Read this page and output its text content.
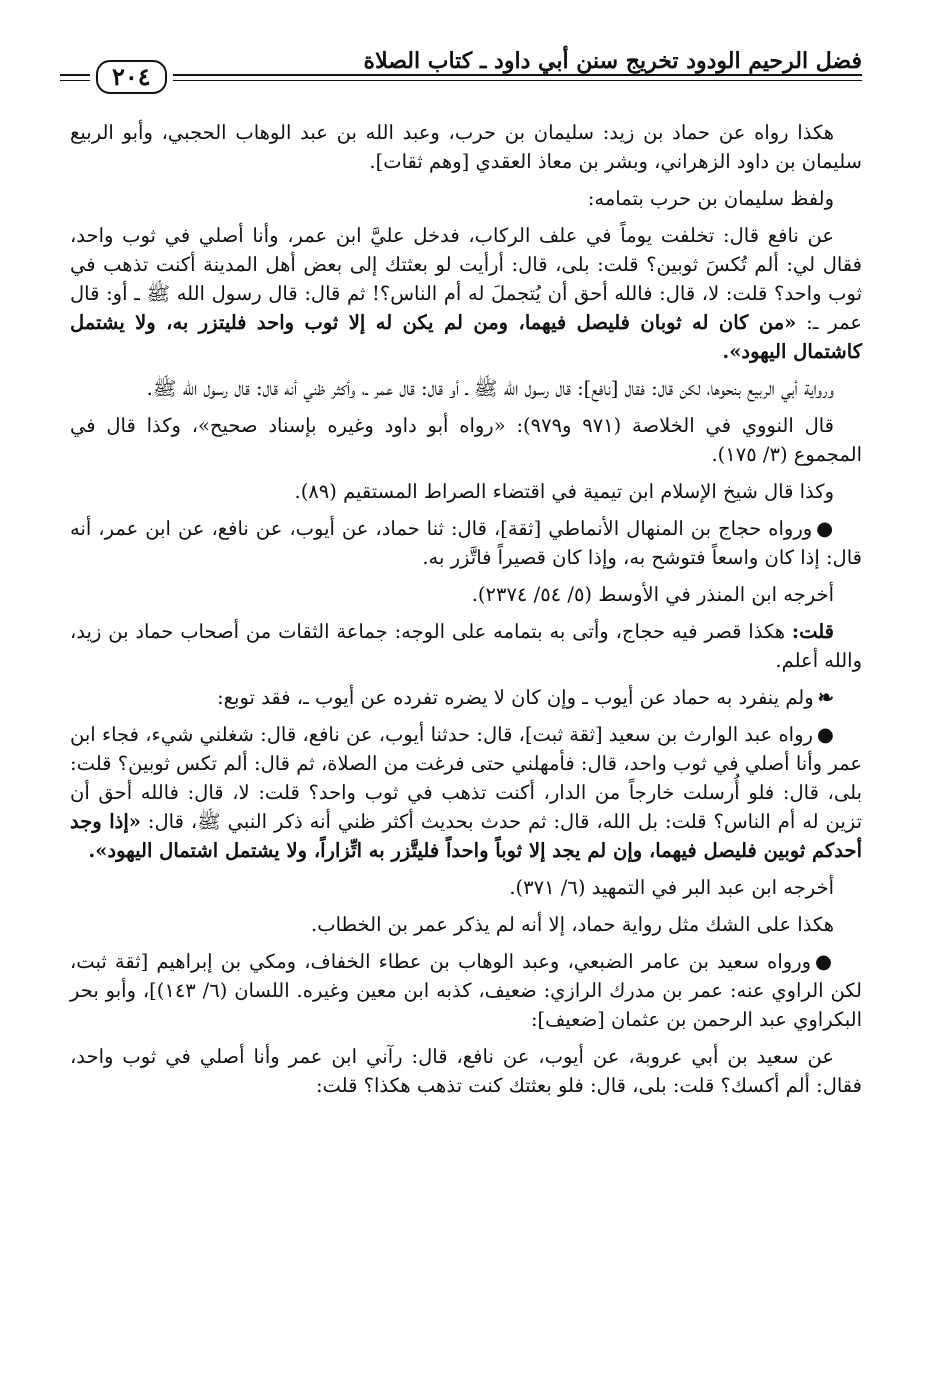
فضل الرحيم الودود تخريج سنن أبي داود ـ كتاب الصلاة
٢٠٤

هكذا رواه عن حماد بن زيد: سليمان بن حرب، وعبد الله بن عبد الوهاب الحجبي، وأبو الربيع سليمان بن داود الزهراني، وبشر بن معاذ العقدي [وهم ثقات].

ولفظ سليمان بن حرب بتمامه:

عن نافع قال: تخلفت يوماً في علف الركاب، فدخل عليَّ ابن عمر، وأنا أصلي في ثوب واحد، فقال لي: ألم تُكسَ ثوبين؟ قلت: بلى، قال: أرأيت لو بعثتك إلى بعض أهل المدينة أكنت تذهب في ثوب واحد؟ قلت: لا، قال: فالله أحق أن يُتجملَ له أم الناس؟! ثم قال: قال رسول الله ﷺ ـ أو: قال عمر ـ: «من كان له ثوبان فليصل فيهما، ومن لم يكن له إلا ثوب واحد فليتزر به، ولا يشتمل كاشتمال اليهود».

ورواية أبي الربيع بنحوها، لكن قال: فقال [نافع]: قال رسول الله ﷺ ـ أو قال: قال عمر ـ، وأكثر ظني أنه قال: قال رسول الله ﷺ.

قال النووي في الخلاصة (٩٧١ و٩٧٩): «رواه أبو داود وغيره بإسناد صحيح»، وكذا قال في المجموع (٣/ ١٧٥).

وكذا قال شيخ الإسلام ابن تيمية في اقتضاء الصراط المستقيم (٨٩).

●ورواه حجاج بن المنهال الأنماطي [ثقة]، قال: ثنا حماد، عن أيوب، عن نافع، عن ابن عمر، أنه قال: إذا كان واسعاً فتوشح به، وإذا كان قصيراً فاتَّزر به.

أخرجه ابن المنذر في الأوسط (٥/ ٥٤/ ٢٣٧٤).

قلت: هكذا قصر فيه حجاج، وأتى به بتمامه على الوجه: جماعة الثقات من أصحاب حماد بن زيد، والله أعلم.

❧ولم ينفرد به حماد عن أيوب ـ وإن كان لا يضره تفرده عن أيوب ـ، فقد توبع:

●رواه عبد الوارث بن سعيد [ثقة ثبت]، قال: حدثنا أيوب، عن نافع، قال: شغلني شيء، فجاء ابن عمر وأنا أصلي في ثوب واحد، قال: فأمهلني حتى فرغت من الصلاة، ثم قال: ألم تكس ثوبين؟ قلت: بلى، قال: فلو أُرسلت خارجاً من الدار، أكنت تذهب في ثوب واحد؟ قلت: لا، قال: فالله أحق أن تزين له أم الناس؟ قلت: بل الله، قال: ثم حدث بحديث أكثر ظني أنه ذكر النبي ﷺ، قال: «إذا وجد أحدكم ثوبين فليصل فيهما، وإن لم يجد إلا ثوباً واحداً فليتَّزر به اتِّزاراً، ولا يشتمل اشتمال اليهود».

أخرجه ابن عبد البر في التمهيد (٦/ ٣٧١).

هكذا على الشك مثل رواية حماد، إلا أنه لم يذكر عمر بن الخطاب.

●ورواه سعيد بن عامر الضبعي، وعبد الوهاب بن عطاء الخفاف، ومكي بن إبراهيم [ثقة ثبت، لكن الراوي عنه: عمر بن مدرك الرازي: ضعيف، كذبه ابن معين وغيره. اللسان (٦/ ١٤٣)]، وأبو بحر البكراوي عبد الرحمن بن عثمان [ضعيف]:

عن سعيد بن أبي عروبة، عن أيوب، عن نافع، قال: رآني ابن عمر وأنا أصلي في ثوب واحد، فقال: ألم أكسك؟ قلت: بلى، قال: فلو بعثتك كنت تذهب هكذا؟ قلت:
